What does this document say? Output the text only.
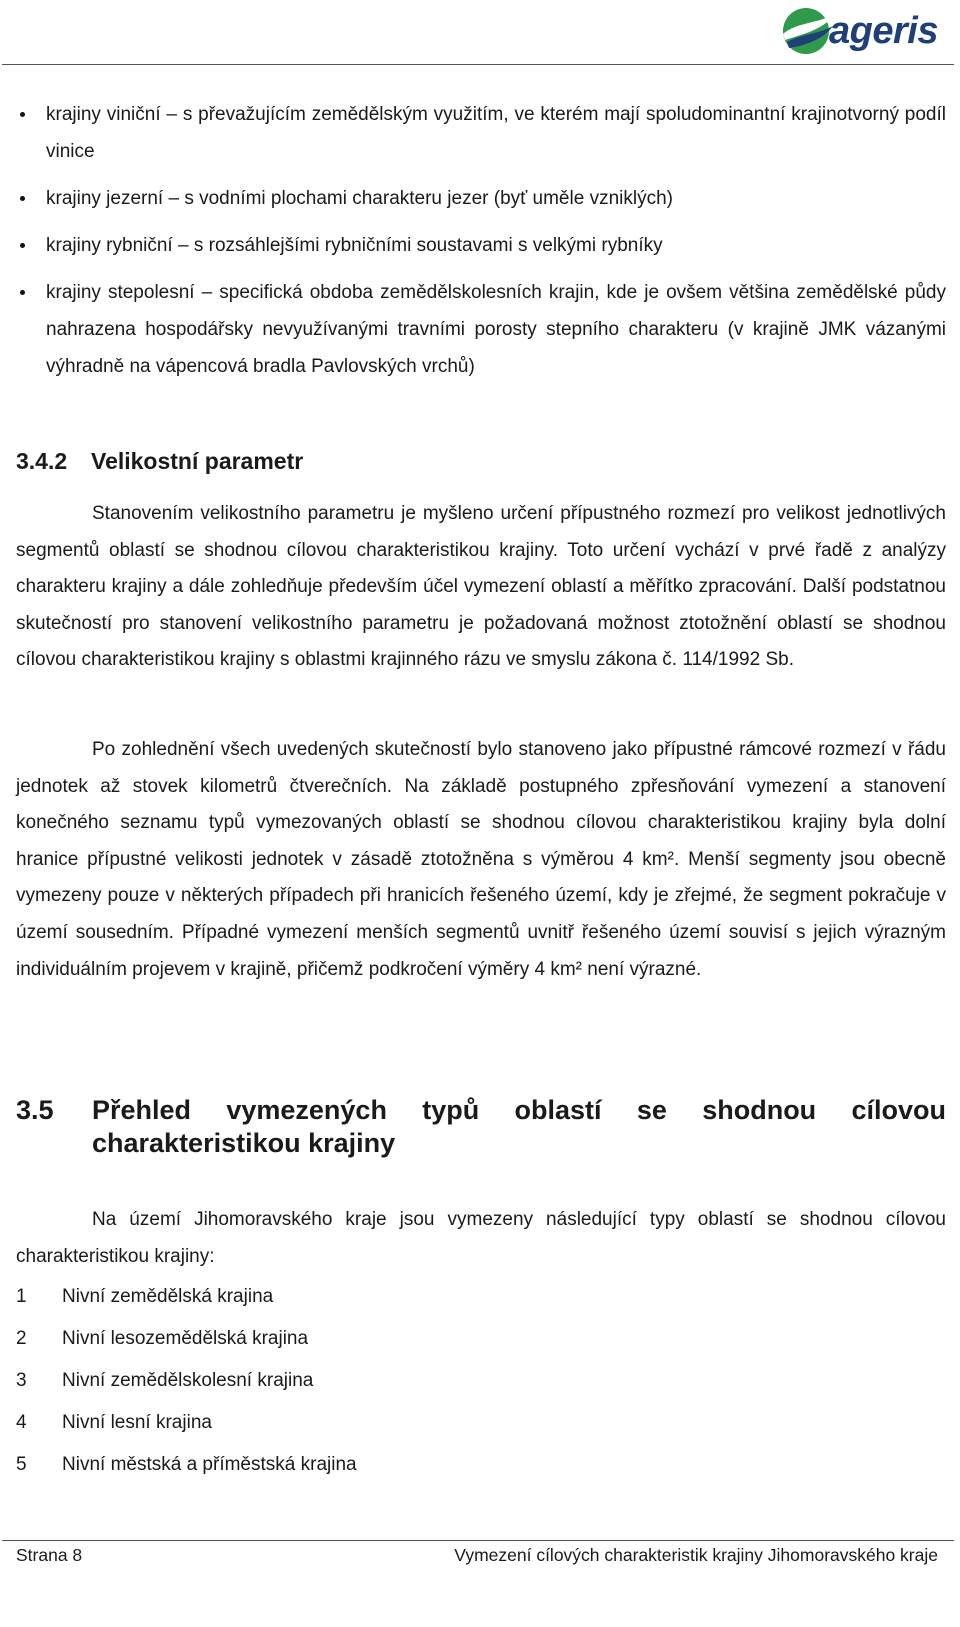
ageris
krajiny viniční – s převažujícím zemědělským využitím, ve kterém mají spoludominantní krajinotvorný podíl vinice
krajiny jezerní – s vodními plochami charakteru jezer (byť uměle vzniklých)
krajiny rybniční – s rozsáhlejšími rybničními soustavami s velkými rybníky
krajiny stepolesní – specifická obdoba zemědělskolesních krajin, kde je ovšem většina zemědělské půdy nahrazena hospodářsky nevyužívanými travními porosty stepního charakteru (v krajině JMK vázanými výhradně na vápencová bradla Pavlovských vrchů)
3.4.2 Velikostní parametr
Stanovením velikostního parametru je myšleno určení přípustného rozmezí pro velikost jednotlivých segmentů oblastí se shodnou cílovou charakteristikou krajiny. Toto určení vychází v prvé řadě z analýzy charakteru krajiny a dále zohledňuje především účel vymezení oblastí a měřítko zpracování. Další podstatnou skutečností pro stanovení velikostního parametru je požadovaná možnost ztotožnění oblastí se shodnou cílovou charakteristikou krajiny s oblastmi krajinného rázu ve smyslu zákona č. 114/1992 Sb.
Po zohlednění všech uvedených skutečností bylo stanoveno jako přípustné rámcové rozmezí v řádu jednotek až stovek kilometrů čtverečních. Na základě postupného zpřesňování vymezení a stanovení konečného seznamu typů vymezovaných oblastí se shodnou cílovou charakteristikou krajiny byla dolní hranice přípustné velikosti jednotek v zásadě ztotožněna s výměrou 4 km². Menší segmenty jsou obecně vymezeny pouze v některých případech při hranicích řešeného území, kdy je zřejmé, že segment pokračuje v území sousedním. Případné vymezení menších segmentů uvnitř řešeného území souvisí s jejich výrazným individuálním projevem v krajině, přičemž podkročení výměry 4 km² není výrazné.
3.5 Přehled vymezených typů oblastí se shodnou cílovou charakteristikou krajiny
Na území Jihomoravského kraje jsou vymezeny následující typy oblastí se shodnou cílovou charakteristikou krajiny:
1	Nivní zemědělská krajina
2	Nivní lesozemědělská krajina
3	Nivní zemědělskolesní krajina
4	Nivní lesní krajina
5	Nivní městská a příměstská krajina
Strana 8	Vymezení cílových charakteristik krajiny Jihomoravského kraje
